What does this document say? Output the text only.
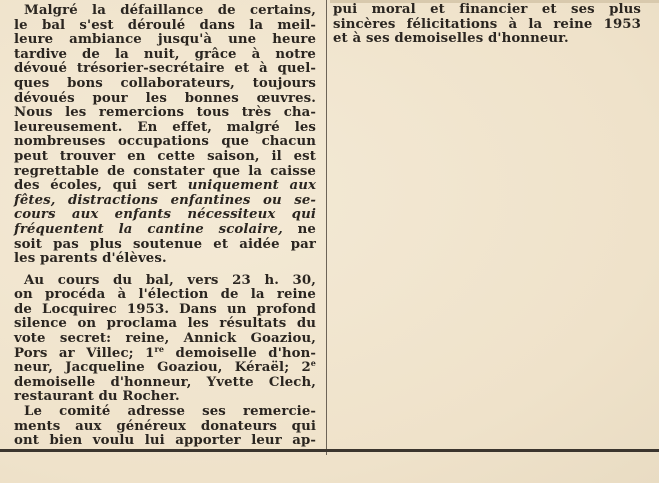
Malgré la défaillance de certains,
le bal s'est déroulé dans la meil-
leure ambiance jusqu'à une heure
tardive de la nuit, grâce à notre
dévoué trésorier-secrétaire et à quel-
ques bons collaborateurs, toujours
dévoués pour les bonnes œuvres.
Nous les remercions tous très cha-
leureusement. En effet, malgré les
nombreuses occupations que chacun
peut trouver en cette saison, il est
regrettable de constater que la caisse
des écoles, qui sert uniquement aux
fêtes, distractions enfantines ou se-
cours aux enfants nécessiteux qui
fréquentent la cantine scolaire, ne
soit pas plus soutenue et aidée par
les parents d'élèves.
Au cours du bal, vers 23 h. 30,
on procéda à l'élection de la reine
de Locquirec 1953. Dans un profond
silence on proclama les résultats du
vote secret: reine, Annick Goaziou,
Pors ar Villec; 1re demoiselle d'hon-
neur, Jacqueline Goaziou, Kéraël; 2e
demoiselle d'honneur, Yvette Clech,
restaurant du Rocher.
Le comité adresse ses remercie-
ments aux généreux donateurs qui
ont bien voulu lui apporter leur ap-
pui moral et financier et ses plus
sincères félicitations à la reine 1953
et à ses demoiselles d'honneur.
